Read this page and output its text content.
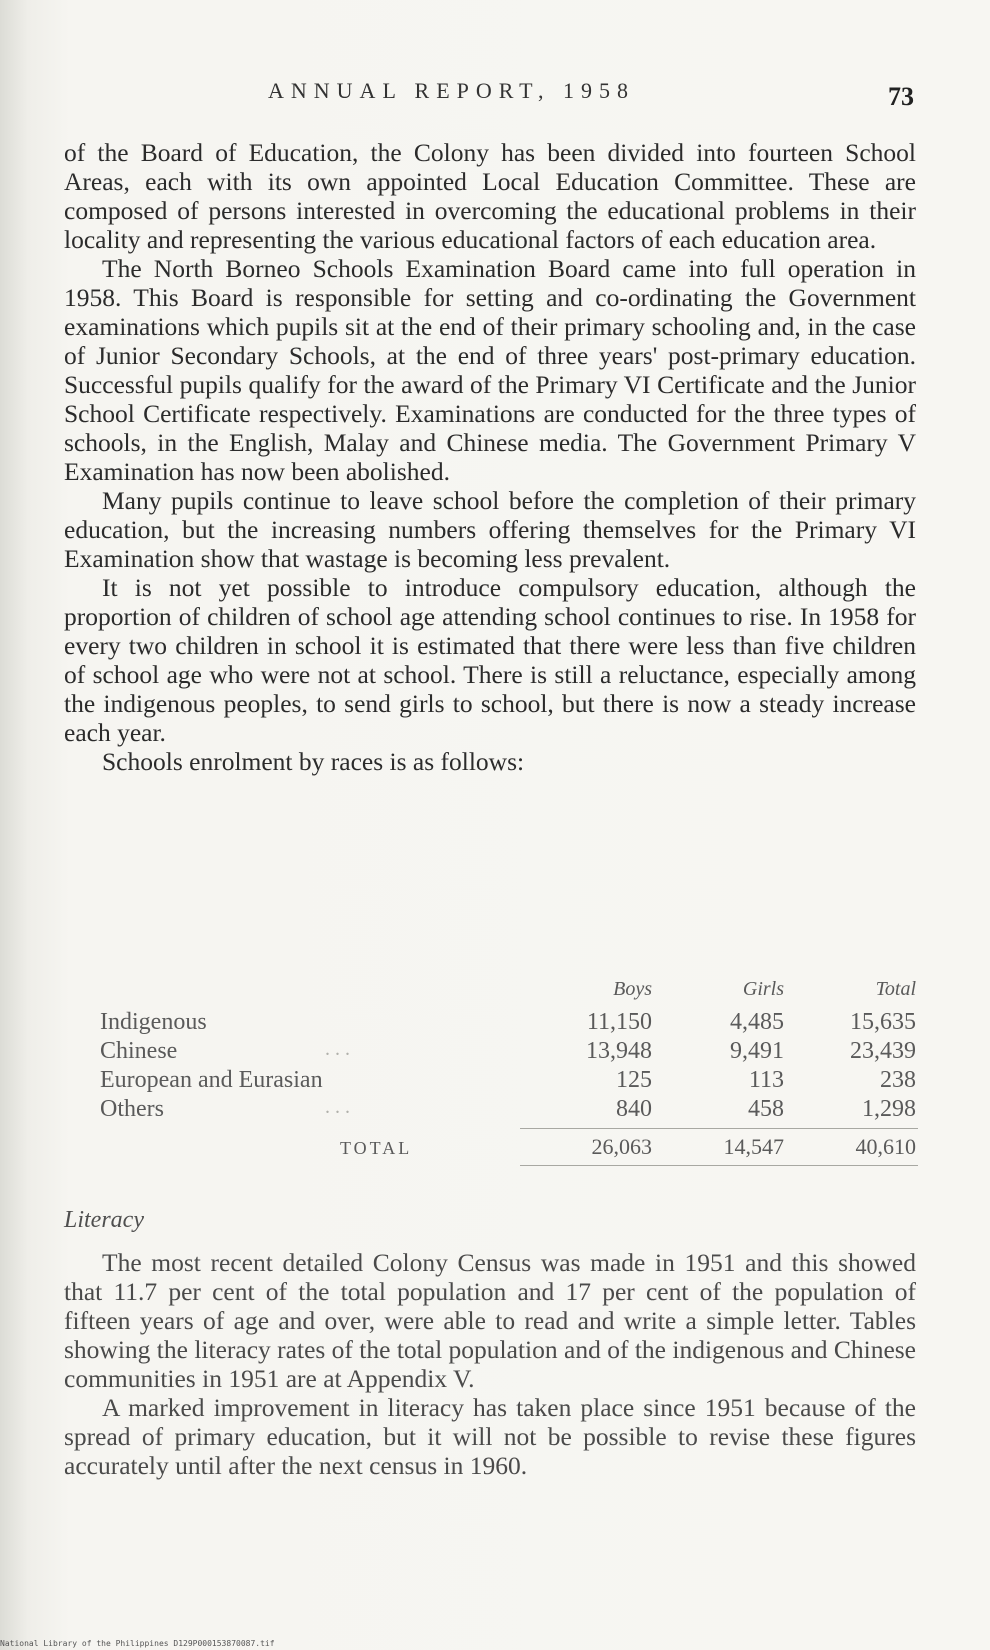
ANNUAL REPORT, 1958	73

of the Board of Education, the Colony has been divided into fourteen School Areas, each with its own appointed Local Education Committee. These are composed of persons interested in overcoming the educational problems in their locality and representing the various educational factors of each education area.

The North Borneo Schools Examination Board came into full operation in 1958. This Board is responsible for setting and co-ordinating the Government examinations which pupils sit at the end of their primary schooling and, in the case of Junior Secondary Schools, at the end of three years' post-primary education. Successful pupils qualify for the award of the Primary VI Certificate and the Junior School Certificate respectively. Examinations are conducted for the three types of schools, in the English, Malay and Chinese media. The Government Primary V Examination has now been abolished.

Many pupils continue to leave school before the completion of their primary education, but the increasing numbers offering themselves for the Primary VI Examination show that wastage is becoming less prevalent.

It is not yet possible to introduce compulsory education, although the proportion of children of school age attending school continues to rise. In 1958 for every two children in school it is estimated that there were less than five children of school age who were not at school. There is still a reluctance, especially among the indigenous peoples, to send girls to school, but there is now a steady increase each year.

Schools enrolment by races is as follows:

Boys	Girls	Total
Indigenous	11,150	4,485	15,635
Chinese	...	13,948	9,491	23,439
European and Eurasian	125	113	238
Others	...	840	458	1,298
TOTAL	26,063	14,547	40,610
Literacy

The most recent detailed Colony Census was made in 1951 and this showed that 11.7 per cent of the total population and 17 per cent of the population of fifteen years of age and over, were able to read and write a simple letter. Tables showing the literacy rates of the total population and of the indigenous and Chinese communities in 1951 are at Appendix V.

A marked improvement in literacy has taken place since 1951 because of the spread of primary education, but it will not be possible to revise these figures accurately until after the next census in 1960.

National Library of the Philippines D129P000153870087.tif
